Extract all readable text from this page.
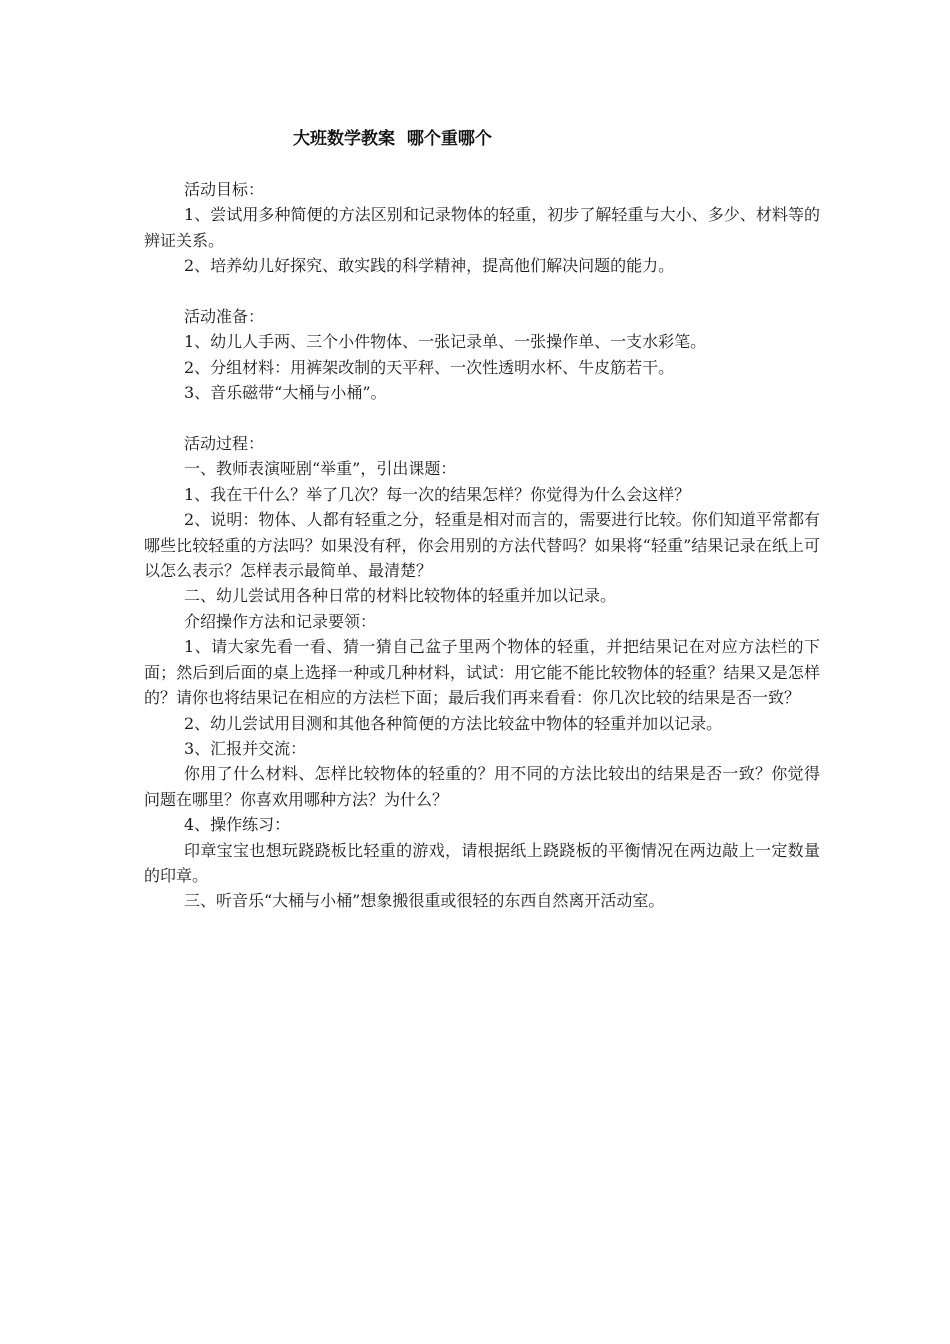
大班数学教案  哪个重哪个

活动目标：

1、尝试用多种简便的方法区别和记录物体的轻重，初步了解轻重与大小、多少、材料等的辨证关系。

2、培养幼儿好探究、敢实践的科学精神，提高他们解决问题的能力。

活动准备：

1、幼儿人手两、三个小件物体、一张记录单、一张操作单、一支水彩笔。

2、分组材料：用裤架改制的天平秤、一次性透明水杯、牛皮筋若干。

3、音乐磁带“大桶与小桶”。

活动过程：

一、教师表演哑剧“举重”，引出课题：

1、我在干什么？举了几次？每一次的结果怎样？你觉得为什么会这样？

2、说明：物体、人都有轻重之分，轻重是相对而言的，需要进行比较。你们知道平常都有哪些比较轻重的方法吗？如果没有秤，你会用别的方法代替吗？如果将“轻重”结果记录在纸上可以怎么表示？怎样表示最简单、最清楚？

二、幼儿尝试用各种日常的材料比较物体的轻重并加以记录。

介绍操作方法和记录要领：

1、请大家先看一看、猜一猜自己盆子里两个物体的轻重，并把结果记在对应方法栏的下面；然后到后面的桌上选择一种或几种材料，试试：用它能不能比较物体的轻重？结果又是怎样的？请你也将结果记在相应的方法栏下面；最后我们再来看看：你几次比较的结果是否一致？

2、幼儿尝试用目测和其他各种简便的方法比较盆中物体的轻重并加以记录。

3、汇报并交流：

你用了什么材料、怎样比较物体的轻重的？用不同的方法比较出的结果是否一致？你觉得问题在哪里？你喜欢用哪种方法？为什么？

4、操作练习：

印章宝宝也想玩跷跷板比轻重的游戏，请根据纸上跷跷板的平衡情况在两边敲上一定数量的印章。

三、听音乐“大桶与小桶”想象搬很重或很轻的东西自然离开活动室。
